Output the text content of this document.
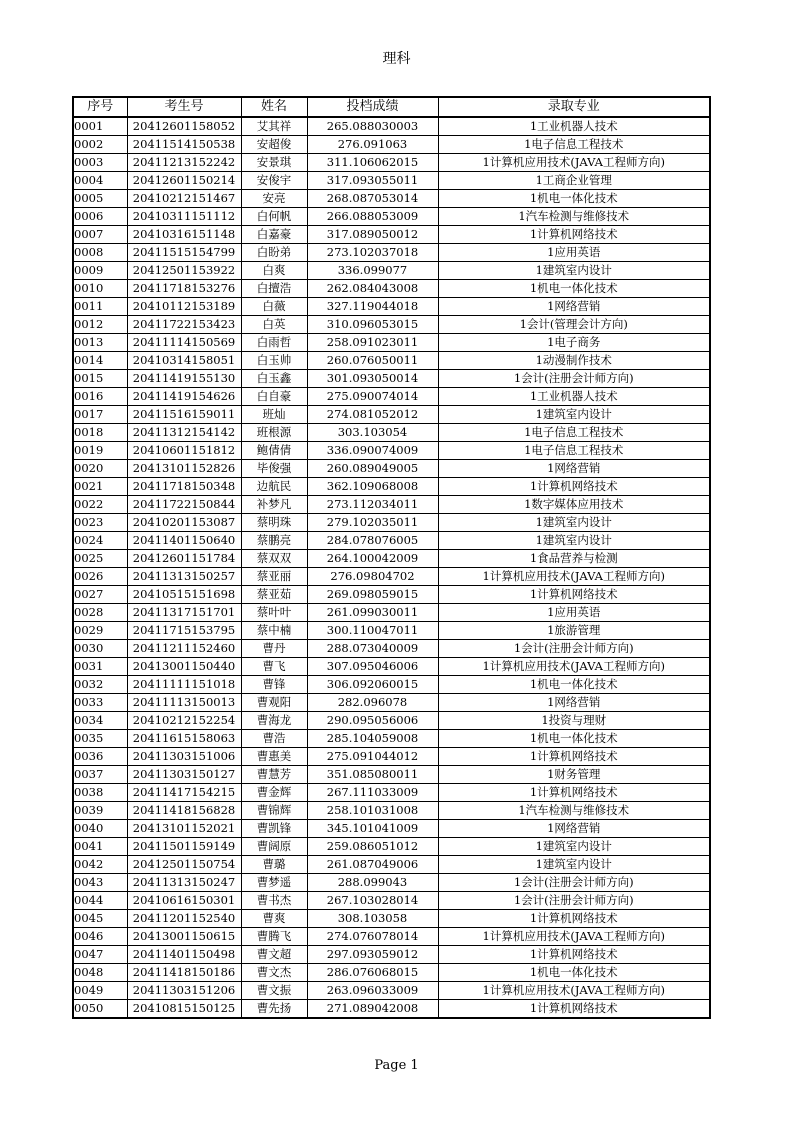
理科
序号	考生号	姓名	投档成绩	录取专业
0001	20412601158052	艾其祥	265.088030003	1工业机器人技术
0002	20411514150538	安超俊	276.091063	1电子信息工程技术
0003	20411213152242	安景琪	311.106062015	1计算机应用技术(JAVA工程师方向)
0004	20412601150214	安俊宇	317.093055011	1工商企业管理
0005	20410212151467	安亮	268.087053014	1机电一体化技术
0006	20410311151112	白何帆	266.088053009	1汽车检测与维修技术
0007	20410316151148	白嘉豪	317.089050012	1计算机网络技术
0008	20411515154799	白盼弟	273.102037018	1应用英语
0009	20412501153922	白爽	336.099077	1建筑室内设计
0010	20411718153276	白擅浩	262.084043008	1机电一体化技术
0011	20410112153189	白薇	327.119044018	1网络营销
0012	20411722153423	白英	310.096053015	1会计(管理会计方向)
0013	20411114150569	白雨哲	258.091023011	1电子商务
0014	20410314158051	白玉帅	260.076050011	1动漫制作技术
0015	20411419155130	白玉鑫	301.093050014	1会计(注册会计师方向)
0016	20411419154626	白自豪	275.090074014	1工业机器人技术
0017	20411516159011	班灿	274.081052012	1建筑室内设计
0018	20411312154142	班根源	303.103054	1电子信息工程技术
0019	20410601151812	鲍倩倩	336.090074009	1电子信息工程技术
0020	20413101152826	毕俊强	260.089049005	1网络营销
0021	20411718150348	边航民	362.109068008	1计算机网络技术
0022	20411722150844	补梦凡	273.112034011	1数字媒体应用技术
0023	20410201153087	蔡明珠	279.102035011	1建筑室内设计
0024	20411401150640	蔡鹏亮	284.078076005	1建筑室内设计
0025	20412601151784	蔡双双	264.100042009	1食品营养与检测
0026	20411313150257	蔡亚丽	276.09804702	1计算机应用技术(JAVA工程师方向)
0027	20410515151698	蔡亚茹	269.098059015	1计算机网络技术
0028	20411317151701	蔡叶叶	261.099030011	1应用英语
0029	20411715153795	蔡中楠	300.110047011	1旅游管理
0030	20411211152460	曹丹	288.073040009	1会计(注册会计师方向)
0031	20413001150440	曹飞	307.095046006	1计算机应用技术(JAVA工程师方向)
0032	20411111151018	曹锋	306.092060015	1机电一体化技术
0033	20411113150013	曹观阳	282.096078	1网络营销
0034	20410212152254	曹海龙	290.095056006	1投资与理财
0035	20411615158063	曹浩	285.104059008	1机电一体化技术
0036	20411303151006	曹惠美	275.091044012	1计算机网络技术
0037	20411303150127	曹慧芳	351.085080011	1财务管理
0038	20411417154215	曹金辉	267.111033009	1计算机网络技术
0039	20411418156828	曹锦辉	258.101031008	1汽车检测与维修技术
0040	20413101152021	曹凯锋	345.101041009	1网络营销
0041	20411501159149	曹阔原	259.086051012	1建筑室内设计
0042	20412501150754	曹璐	261.087049006	1建筑室内设计
0043	20411313150247	曹梦遥	288.099043	1会计(注册会计师方向)
0044	20410616150301	曹书杰	267.103028014	1会计(注册会计师方向)
0045	20411201152540	曹爽	308.103058	1计算机网络技术
0046	20413001150615	曹腾飞	274.076078014	1计算机应用技术(JAVA工程师方向)
0047	20411401150498	曹文超	297.093059012	1计算机网络技术
0048	20411418150186	曹文杰	286.076068015	1机电一体化技术
0049	20411303151206	曹文振	263.096033009	1计算机应用技术(JAVA工程师方向)
0050	20410815150125	曹先扬	271.089042008	1计算机网络技术
Page 1
